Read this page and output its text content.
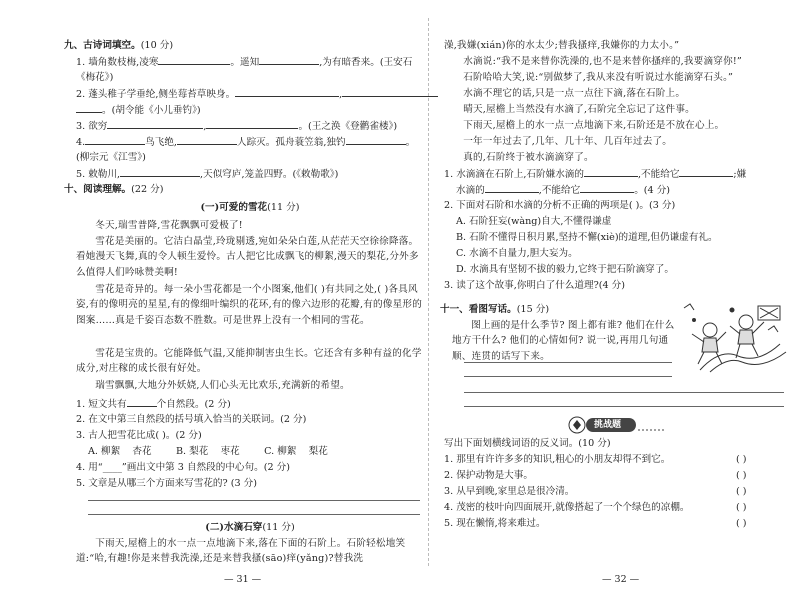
九、古诗词填空。(10 分)
1. 墙角数枝梅,凌寒	。遥知	,为有暗香来。(王安石
《梅花》)
2. 蓬头稚子学垂纶,侧坐莓苔草映身。	,
。(胡令能《小儿垂钓》)
3. 欲穷	,	。(王之涣《登鹳雀楼》)
4.	鸟飞绝,	人踪灭。孤舟蓑笠翁,独钓	。
(柳宗元《江雪》)
5. 敕勒川,	,天似穹庐,笼盖四野。(《敕勒歌》)
十、阅读理解。(22 分)
(一)可爱的雪花(11 分)
冬天,瑞雪普降,雪花飘飘可爱极了!
雪花是美丽的。它洁白晶莹,玲珑剔透,宛如朵朵白莲,从茫茫天空徐徐降落。看她漫天飞舞,真的令人顿生爱怜。古人把它比成飘飞的柳絮,漫天的梨花,分外多么值得人们吟咏赞美啊!
雪花是奇异的。每一朵小雪花都是一个小图案,他们( )有共同之处,( )各具风姿,有的像明亮的星星,有的像细叶编织的花环,有的像六边形的花瓣,有的像星形的图案……真是千姿百态数不胜数。可是世界上没有一个相同的雪花。
雪花是宝贵的。它能降低气温,又能抑制害虫生长。它还含有多种有益的化学成分,对庄稼的成长很有好处。
瑞雪飘飘,大地分外妖娆,人们心头无比欢乐,充满新的希望。
1. 短文共有	个自然段。(2 分)
2. 在文中第三自然段的括号填入恰当的关联词。(2 分)
3. 古人把雪花比成( )。(2 分)
A. 柳絮    杏花        B. 梨花    枣花        C. 柳絮    梨花
4. 用“____”画出文中第 3 自然段的中心句。(2 分)
5. 文章是从哪三个方面来写雪花的? (3 分)
(二)水滴石穿(11 分)
— 31 —
澡,我嫌(xián)你的水太少;替我搔痒,我嫌你的力太小。”
水滴说:“我不是来替你洗澡的,也不是来替你搔痒的,我要滴穿你!”
石阶哈哈大笑,说:“别做梦了,我从来没有听说过水能滴穿石头。”
水滴不理它的话,只是一点一点往下滴,落在石阶上。
晴天,屋檐上当然没有水滴了,石阶完全忘记了这件事。
下雨天,屋檐上的水一点一点地滴下来,石阶还是不放在心上。
一年一年过去了,几年、几十年、几百年过去了。
真的,石阶终于被水滴滴穿了。
1. 水滴滴在石阶上,石阶嫌水滴的	,不能给它	;嫌
水滴的	,不能给它	。(4 分)
2. 下面对石阶和水滴的分析不正确的两项是( )。(3 分)
A. 石阶狂妄(wàng)自大,不懂得谦虚
B. 石阶不懂得日积月累,坚持不懈(xiè)的道理,但仍谦虚有礼。
C. 水滴不自量力,胆大妄为。
D. 水滴具有坚韧不拔的毅力,它终于把石阶滴穿了。
3. 读了这个故事,你明白了什么道理?(4 分)
十一、看图写话。(15 分)
图上画的是什么季节? 图上都有谁? 他们在什么地方干什么? 他们的心情如何? 说一说,再用几句通顺、连贯的话写下来。
挑战题
写出下面划横线词语的反义词。(10 分)
1. 那里有许许多多的知识,粗心的小朋友却得不到它。	( )
2. 保护动物是大事。	( )
3. 从早到晚,家里总是很冷清。	( )
4. 茂密的枝叶向四面展开,就像搭起了一个个绿色的凉棚。	( )
5. 现在懒惰,将来难过。	( )
— 32 —
下雨天,屋檐上的水一点一点地滴下来,落在下面的石阶上。石阶轻松地笑道:“哈,有趣!你是来替我洗澡,还是来替我搔(sāo)痒(yǎng)?替我洗
